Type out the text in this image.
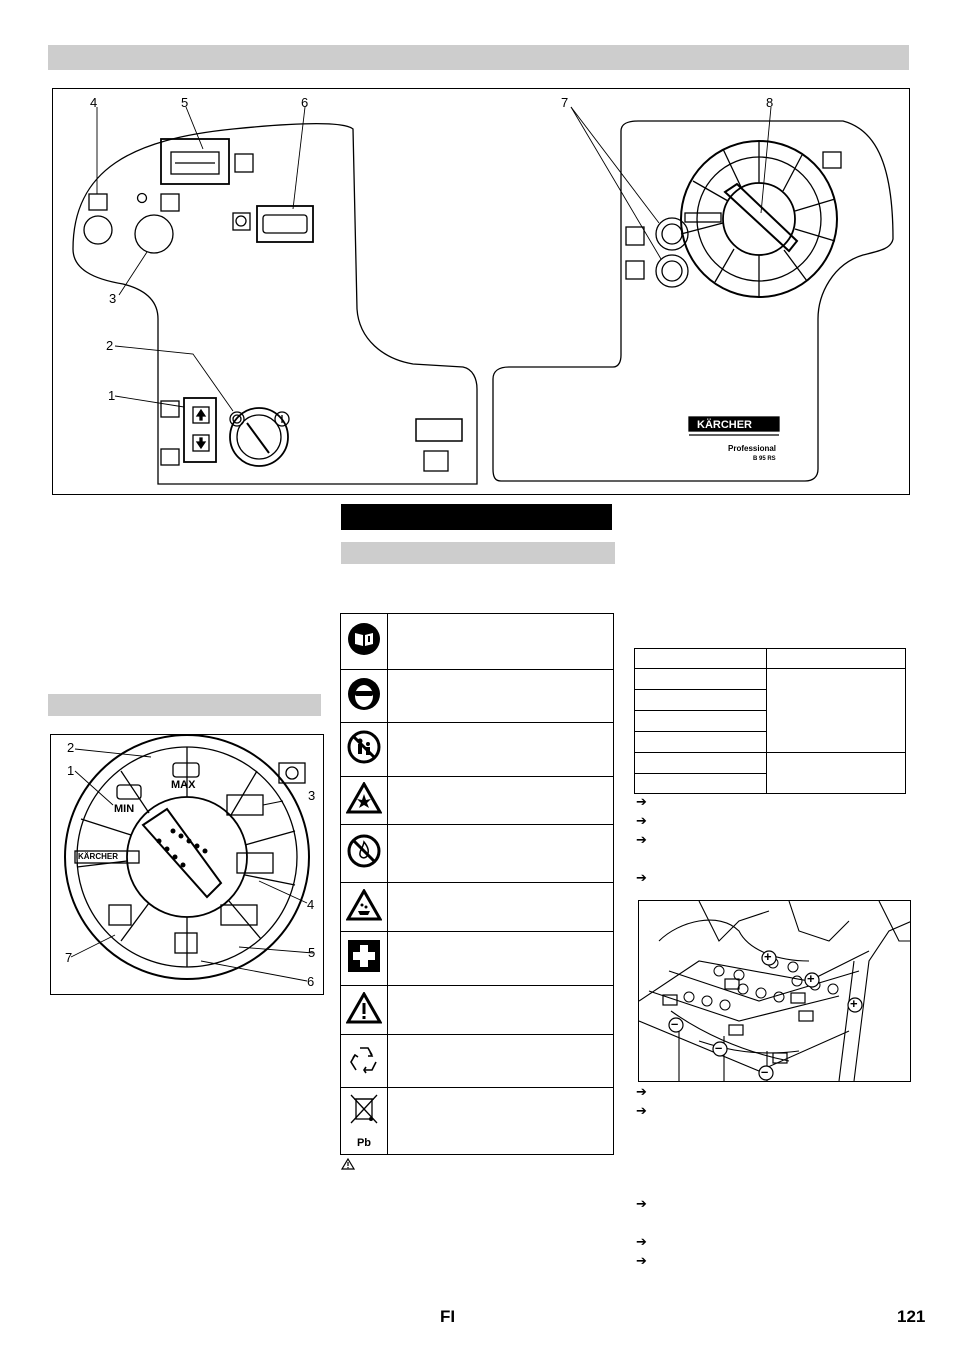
KÄRCHER
Professional
B 95 RS
4	5	6
3
2
1
7	8
MAX
MIN
KÄRCHER
2
1
3
4
5
6
7

Pb	

➔
➔
➔
➔
+
+
+
–
–
–
➔
➔
➔
➔
➔
FI	121
